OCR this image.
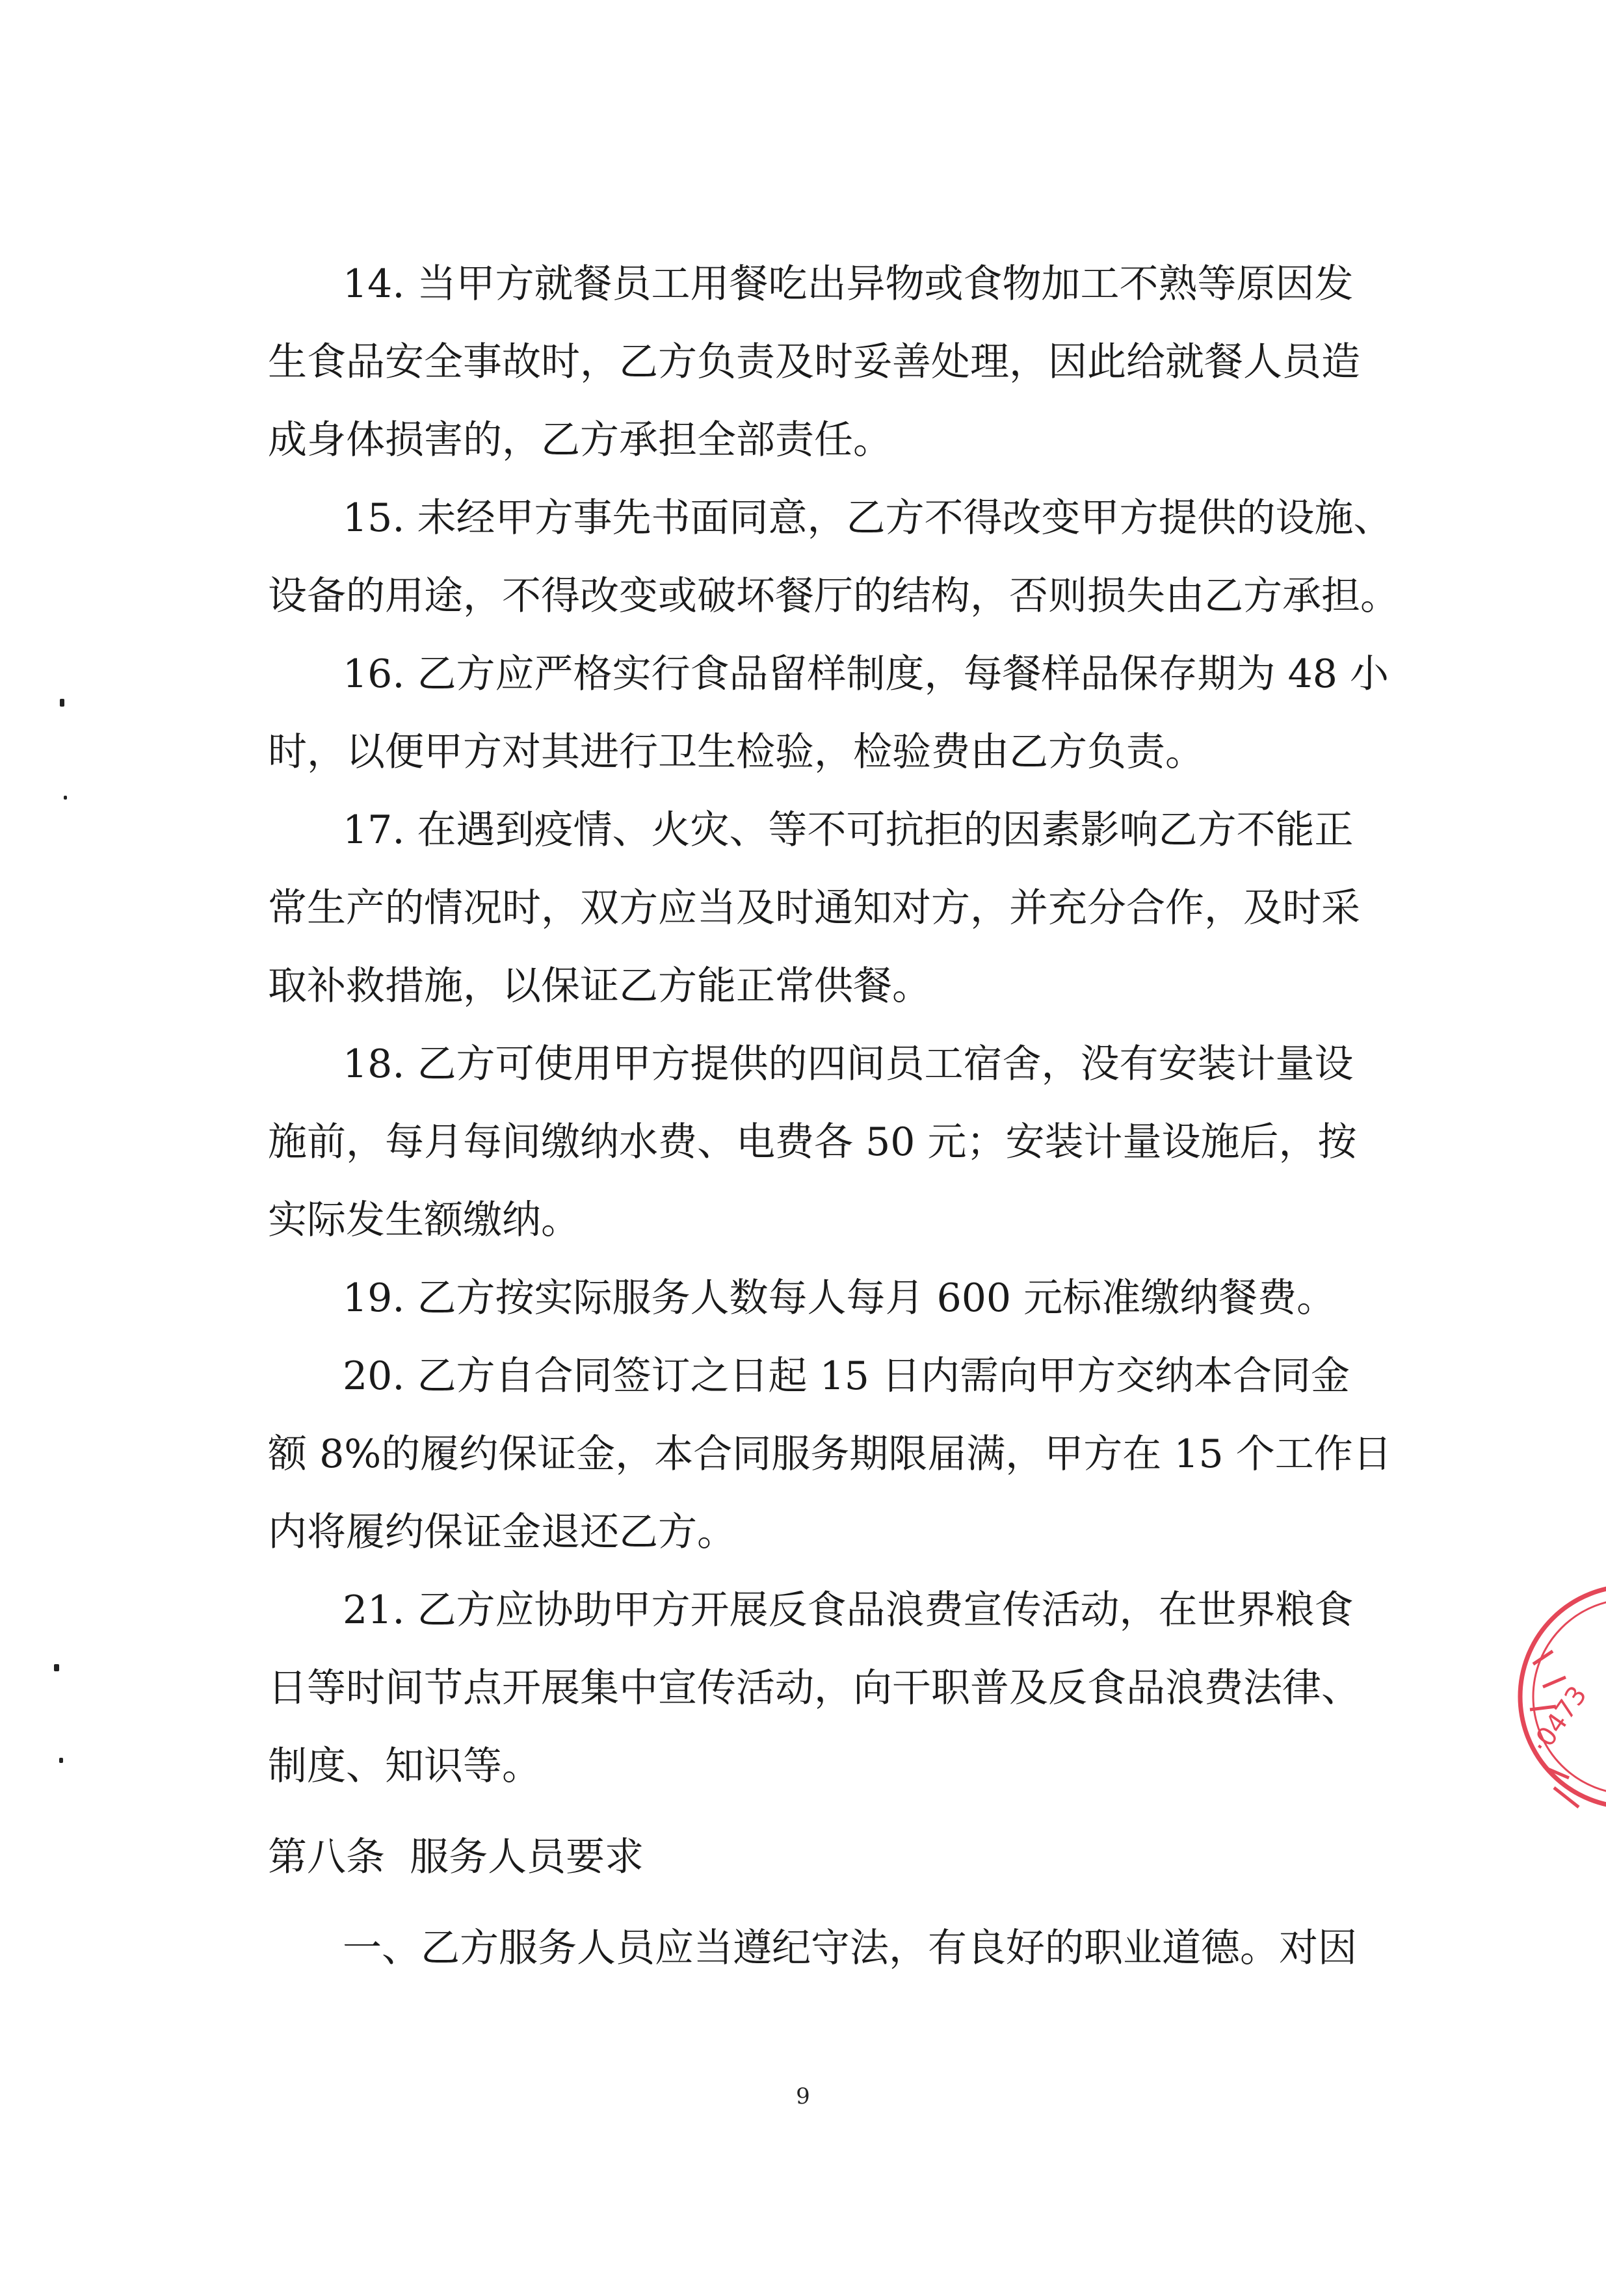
14. 当甲方就餐员工用餐吃出异物或食物加工不熟等原因发
生食品安全事故时，乙方负责及时妥善处理，因此给就餐人员造
成身体损害的，乙方承担全部责任。
15. 未经甲方事先书面同意，乙方不得改变甲方提供的设施、
设备的用途，不得改变或破坏餐厅的结构，否则损失由乙方承担。
16. 乙方应严格实行食品留样制度，每餐样品保存期为 48 小
时，以便甲方对其进行卫生检验，检验费由乙方负责。
17. 在遇到疫情、火灾、等不可抗拒的因素影响乙方不能正
常生产的情况时，双方应当及时通知对方，并充分合作，及时采
取补救措施，以保证乙方能正常供餐。
18. 乙方可使用甲方提供的四间员工宿舍，没有安装计量设
施前，每月每间缴纳水费、电费各 50 元；安装计量设施后，按
实际发生额缴纳。
19. 乙方按实际服务人数每人每月 600 元标准缴纳餐费。
20. 乙方自合同签订之日起 15 日内需向甲方交纳本合同金
额 8%的履约保证金，本合同服务期限届满，甲方在 15 个工作日
内将履约保证金退还乙方。
21. 乙方应协助甲方开展反食品浪费宣传活动，在世界粮食
日等时间节点开展集中宣传活动，向干职普及反食品浪费法律、
制度、知识等。
第八条  服务人员要求
一、乙方服务人员应当遵纪守法，有良好的职业道德。对因
9
·0473
